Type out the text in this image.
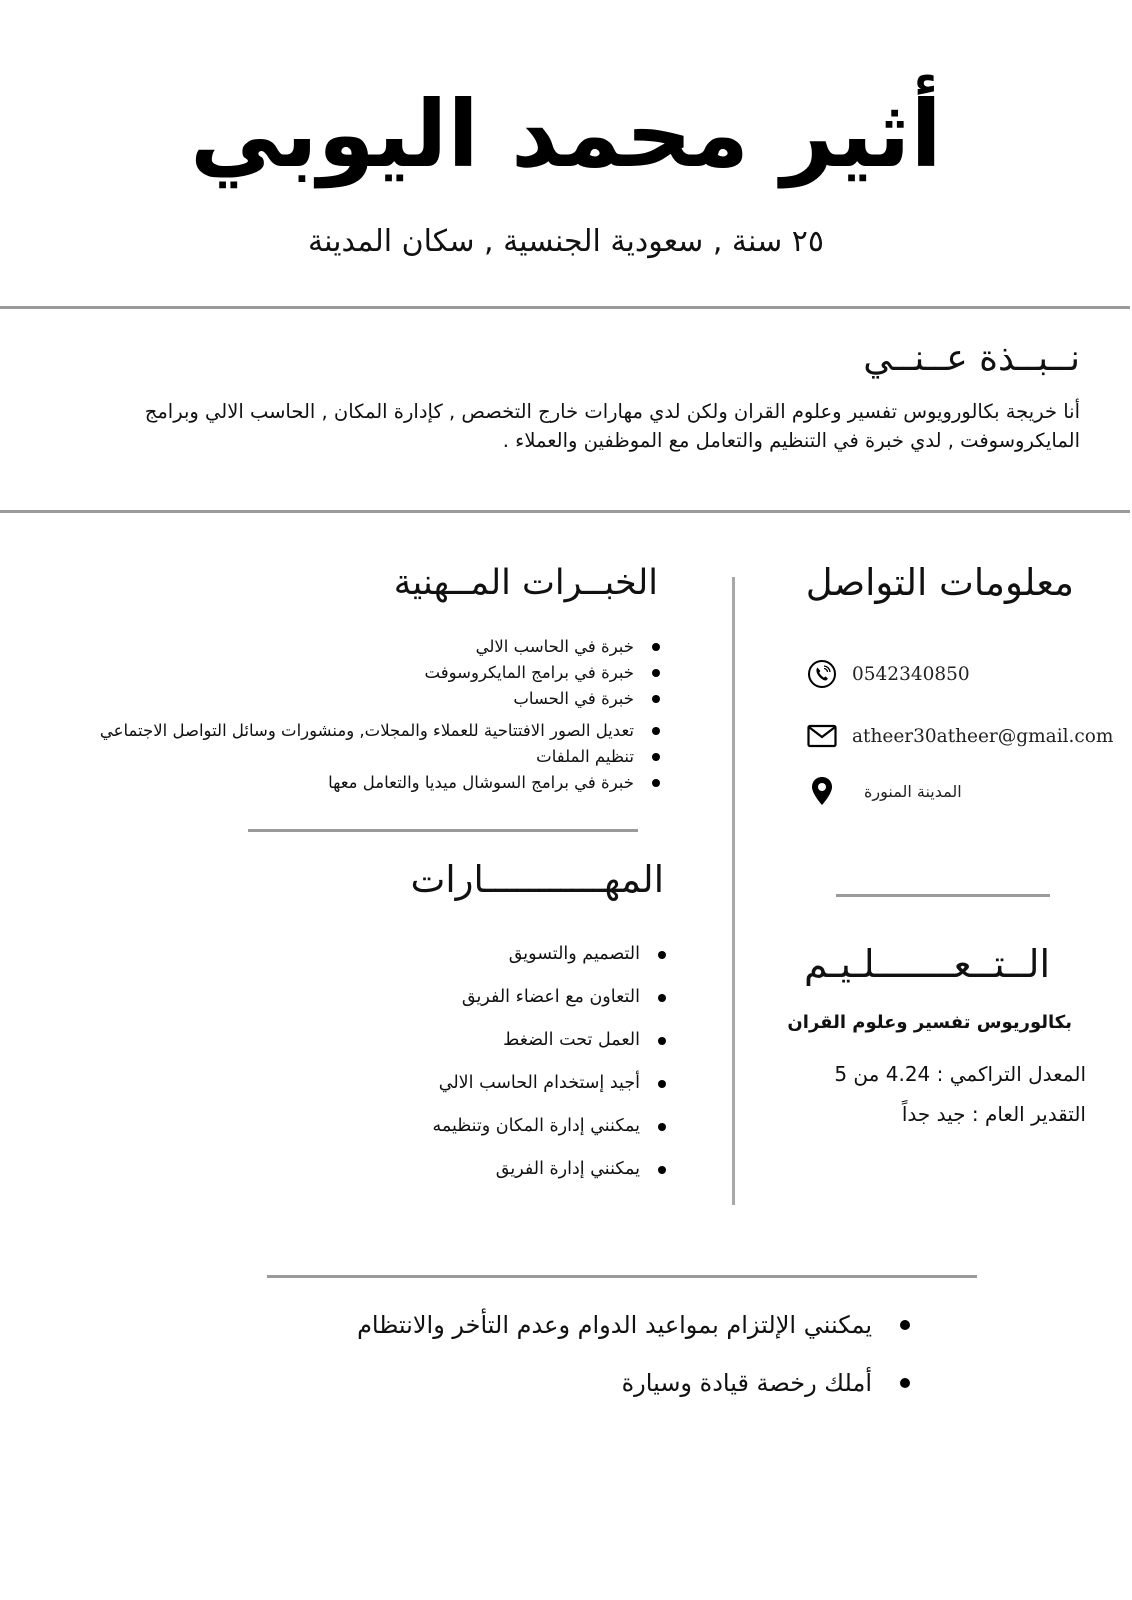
أثير محمد اليوبي
٢٥ سنة , سعودية الجنسية , سكان المدينة
نــبــذة عــنــي
أنا خريجة بكالورويوس تفسير وعلوم القران ولكن لدي مهارات خارج التخصص , كإدارة المكان , الحاسب الالي وبرامج المايكروسوفت , لدي خبرة في التنظيم والتعامل مع الموظفين والعملاء .
معلومات التواصل
0542340850
atheer30atheer@gmail.com
المدينة المنورة
الــتــعـــــــلـيـم
بكالوريوس تفسير وعلوم القران
المعدل التراكمي : 4.24 من 5
التقدير العام : جيد جداً
الخبــرات المــهنية
خبرة في الحاسب الالي
خبرة في برامج المايكروسوفت
خبرة في الحساب
تعديل الصور الافتتاحية للعملاء والمجلات, ومنشورات وسائل التواصل الاجتماعي
تنظيم الملفات
خبرة في برامج السوشال ميديا والتعامل معها
المهـــــــــــارات
التصميم والتسويق
التعاون مع اعضاء الفريق
العمل تحت الضغط
أجيد إستخدام الحاسب الالي
يمكنني إدارة المكان وتنظيمه
يمكنني إدارة الفريق
يمكنني الإلتزام بمواعيد الدوام وعدم التأخر والانتظام
أملك رخصة قيادة وسيارة
